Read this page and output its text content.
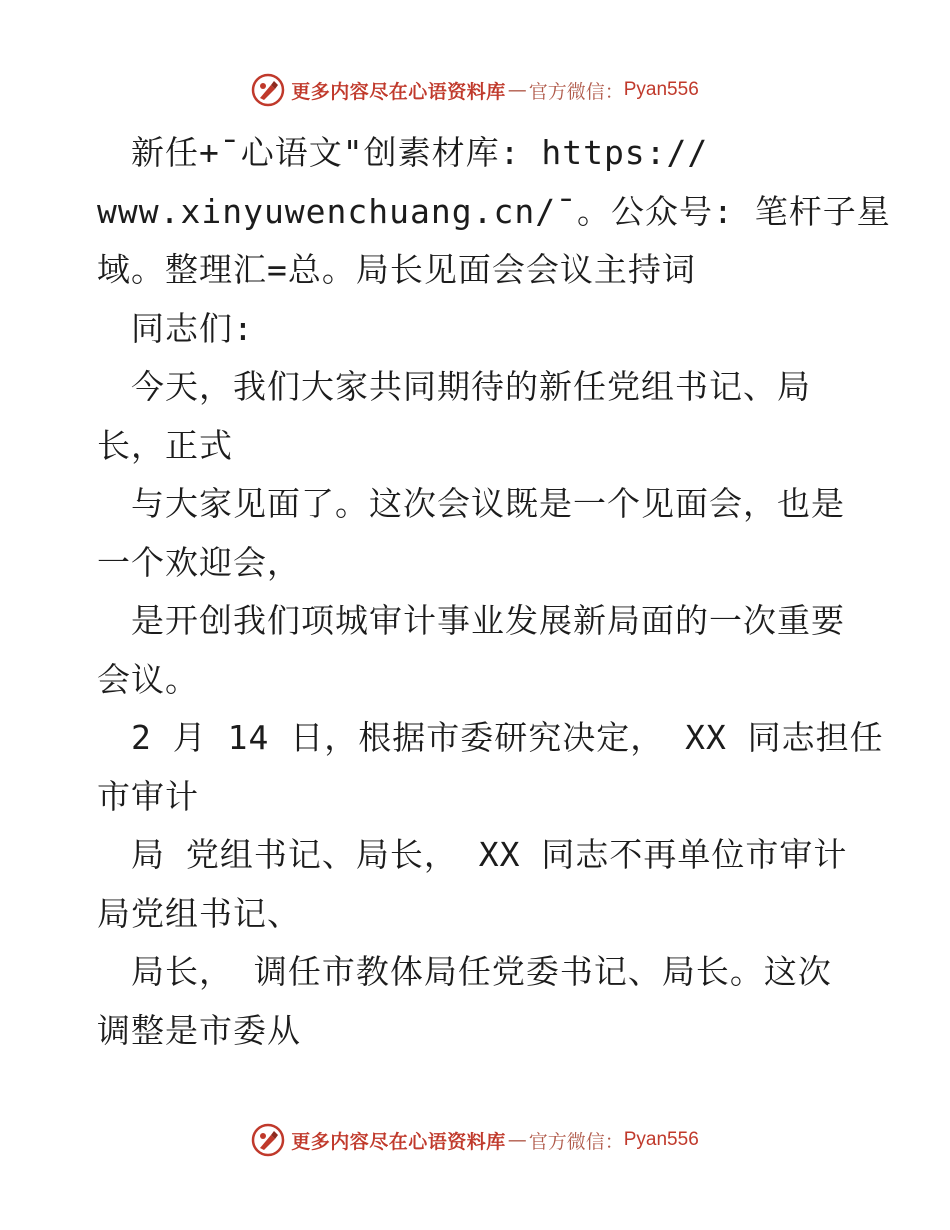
更多内容尽在心语资料库 — 官方微信： Pyan556
　新任+¯心语文"创素材库: https://
www.xinyuwenchuang.cn/¯。公众号: 笔杆子星
域。整理汇=总。局长见面会会议主持词
　同志们:
　今天，我们大家共同期待的新任党组书记、局
长，正式
　与大家见面了。这次会议既是一个见面会，也是
一个欢迎会，
　是开创我们项城审计事业发展新局面的一次重要
会议。
　2 月 14 日，根据市委研究决定， XX 同志担任
市审计
　局 党组书记、局长， XX 同志不再单位市审计
局党组书记、
　局长， 调任市教体局任党委书记、局长。这次
调整是市委从
更多内容尽在心语资料库 — 官方微信： Pyan556
